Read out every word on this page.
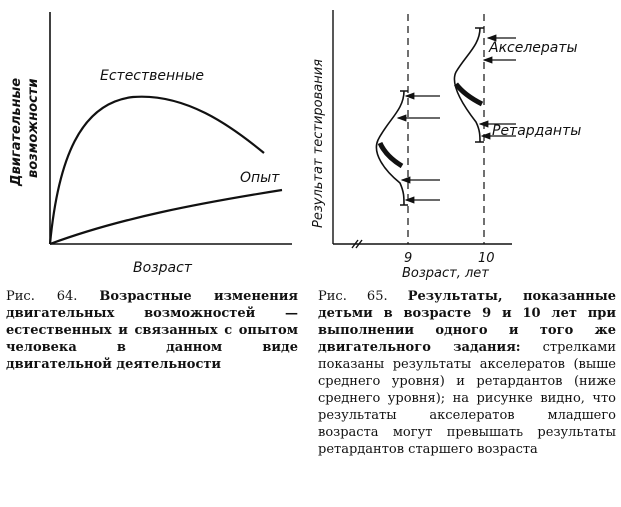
Естественные
Опыт
Возраст
Двигательные возможности
Акселераты
Ретарданты
9	10
Возраст, лет
Результат тестирования
Рис. 64. Возрастные изменения двигательных возможностей — естественных и связанных с опытом человека в данном виде двигательной деятельности
Рис. 65. Результаты, показанные детьми в возрасте 9 и 10 лет при выполнении одного и того же двигательного задания: стрелками показаны результаты акселератов (выше среднего уровня) и ретардантов (ниже среднего уровня); на рисунке видно, что результаты акселератов младшего возраста могут превышать результаты ретардантов старшего возраста
